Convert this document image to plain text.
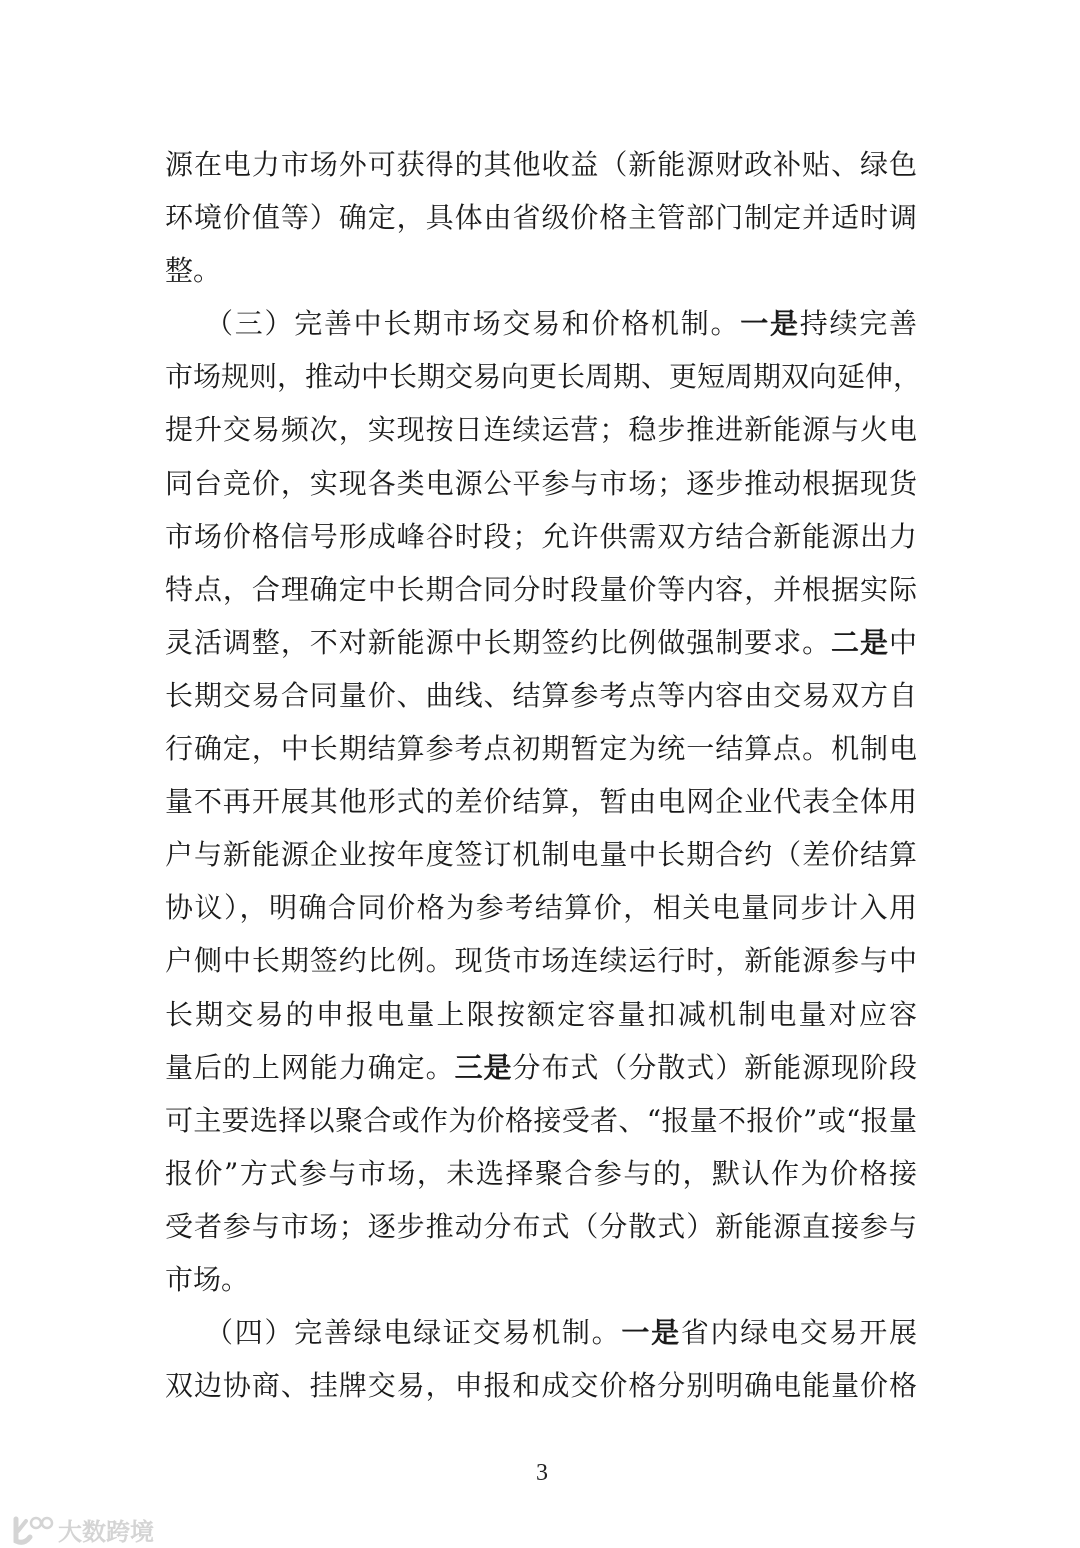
源在电力市场外可获得的其他收益（新能源财政补贴、绿色
环境价值等）确定，具体由省级价格主管部门制定并适时调
整。
（三）完善中长期市场交易和价格机制。一是持续完善
市场规则，推动中长期交易向更长周期、更短周期双向延伸，
提升交易频次，实现按日连续运营；稳步推进新能源与火电
同台竞价，实现各类电源公平参与市场；逐步推动根据现货
市场价格信号形成峰谷时段；允许供需双方结合新能源出力
特点，合理确定中长期合同分时段量价等内容，并根据实际
灵活调整，不对新能源中长期签约比例做强制要求。二是中
长期交易合同量价、曲线、结算参考点等内容由交易双方自
行确定，中长期结算参考点初期暂定为统一结算点。机制电
量不再开展其他形式的差价结算，暂由电网企业代表全体用
户与新能源企业按年度签订机制电量中长期合约（差价结算
协议），明确合同价格为参考结算价，相关电量同步计入用
户侧中长期签约比例。现货市场连续运行时，新能源参与中
长期交易的申报电量上限按额定容量扣减机制电量对应容
量后的上网能力确定。三是分布式（分散式）新能源现阶段
可主要选择以聚合或作为价格接受者、“报量不报价”或“报量
报价”方式参与市场，未选择聚合参与的，默认作为价格接
受者参与市场；逐步推动分布式（分散式）新能源直接参与
市场。
（四）完善绿电绿证交易机制。一是省内绿电交易开展
双边协商、挂牌交易，申报和成交价格分别明确电能量价格
3
大数跨境
